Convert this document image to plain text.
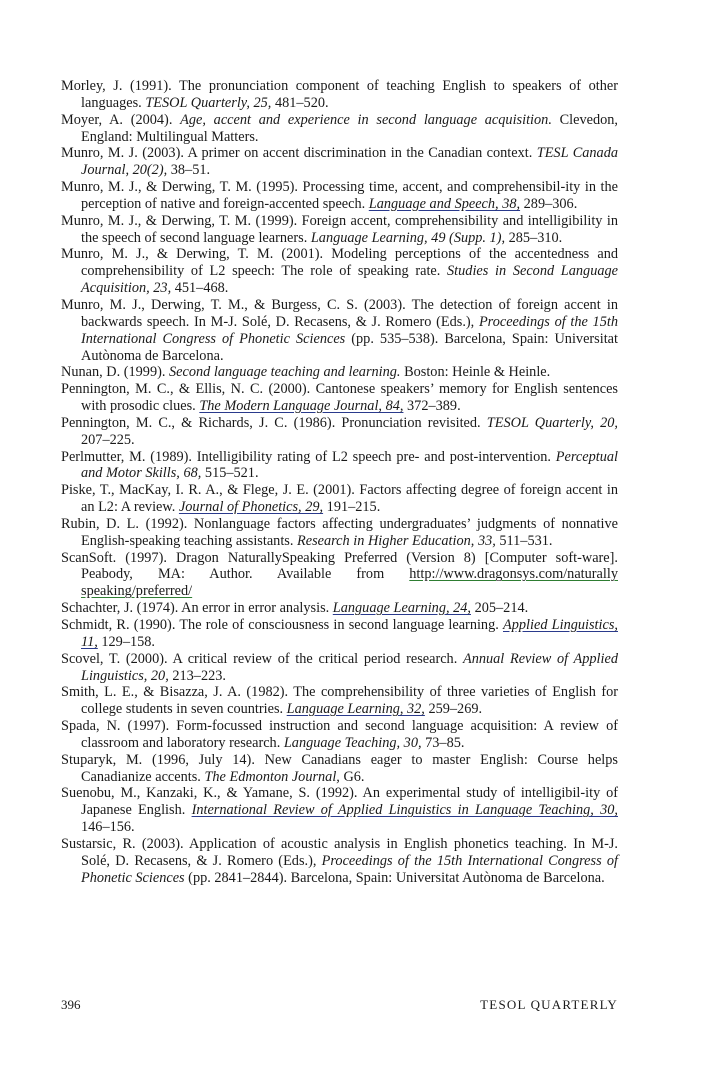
Morley, J. (1991). The pronunciation component of teaching English to speakers of other languages. TESOL Quarterly, 25, 481–520.

Moyer, A. (2004). Age, accent and experience in second language acquisition. Clevedon, England: Multilingual Matters.

Munro, M. J. (2003). A primer on accent discrimination in the Canadian context. TESL Canada Journal, 20(2), 38–51.

Munro, M. J., & Derwing, T. M. (1995). Processing time, accent, and comprehensibil-ity in the perception of native and foreign-accented speech. Language and Speech, 38, 289–306.

Munro, M. J., & Derwing, T. M. (1999). Foreign accent, comprehensibility and intelligibility in the speech of second language learners. Language Learning, 49 (Supp. 1), 285–310.

Munro, M. J., & Derwing, T. M. (2001). Modeling perceptions of the accentedness and comprehensibility of L2 speech: The role of speaking rate. Studies in Second Language Acquisition, 23, 451–468.

Munro, M. J., Derwing, T. M., & Burgess, C. S. (2003). The detection of foreign accent in backwards speech. In M-J. Solé, D. Recasens, & J. Romero (Eds.), Proceedings of the 15th International Congress of Phonetic Sciences (pp. 535–538). Barcelona, Spain: Universitat Autònoma de Barcelona.

Nunan, D. (1999). Second language teaching and learning. Boston: Heinle & Heinle.

Pennington, M. C., & Ellis, N. C. (2000). Cantonese speakers’ memory for English sentences with prosodic clues. The Modern Language Journal, 84, 372–389.

Pennington, M. C., & Richards, J. C. (1986). Pronunciation revisited. TESOL Quarterly, 20, 207–225.

Perlmutter, M. (1989). Intelligibility rating of L2 speech pre- and post-intervention. Perceptual and Motor Skills, 68, 515–521.

Piske, T., MacKay, I. R. A., & Flege, J. E. (2001). Factors affecting degree of foreign accent in an L2: A review. Journal of Phonetics, 29, 191–215.

Rubin, D. L. (1992). Nonlanguage factors affecting undergraduates’ judgments of nonnative English-speaking teaching assistants. Research in Higher Education, 33, 511–531.

ScanSoft. (1997). Dragon NaturallySpeaking Preferred (Version 8) [Computer soft-ware]. Peabody, MA: Author. Available from http://www.dragonsys.com/naturally speaking/preferred/

Schachter, J. (1974). An error in error analysis. Language Learning, 24, 205–214.

Schmidt, R. (1990). The role of consciousness in second language learning. Applied Linguistics, 11, 129–158.

Scovel, T. (2000). A critical review of the critical period research. Annual Review of Applied Linguistics, 20, 213–223.

Smith, L. E., & Bisazza, J. A. (1982). The comprehensibility of three varieties of English for college students in seven countries. Language Learning, 32, 259–269.

Spada, N. (1997). Form-focussed instruction and second language acquisition: A review of classroom and laboratory research. Language Teaching, 30, 73–85.

Stuparyk, M. (1996, July 14). New Canadians eager to master English: Course helps Canadianize accents. The Edmonton Journal, G6.

Suenobu, M., Kanzaki, K., & Yamane, S. (1992). An experimental study of intelligibil-ity of Japanese English. International Review of Applied Linguistics in Language Teaching, 30, 146–156.

Sustarsic, R. (2003). Application of acoustic analysis in English phonetics teaching. In M-J. Solé, D. Recasens, & J. Romero (Eds.), Proceedings of the 15th International Congress of Phonetic Sciences (pp. 2841–2844). Barcelona, Spain: Universitat Autònoma de Barcelona.

396	TESOL QUARTERLY
